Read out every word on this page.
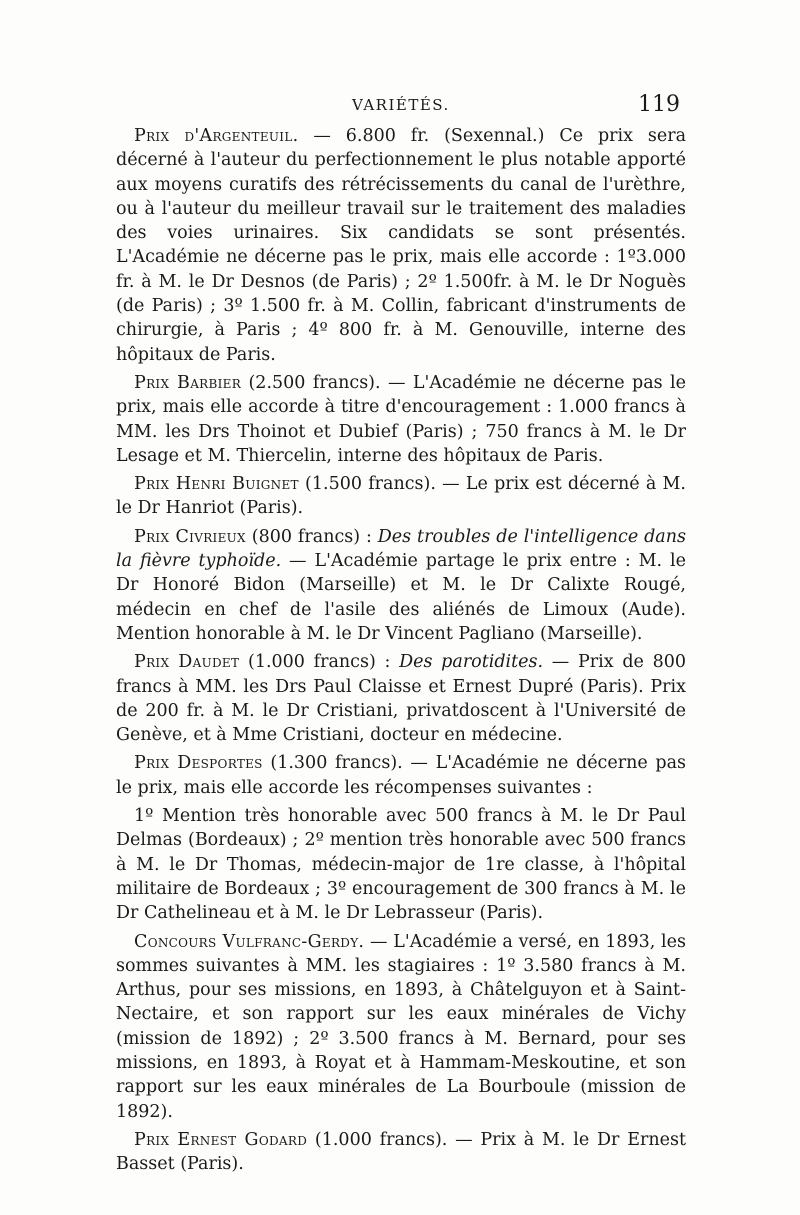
VARIÉTÉS.	119

Prix d'Argenteuil. — 6.800 fr. (Sexennal.) Ce prix sera décerné à l'auteur du perfectionnement le plus notable apporté aux moyens curatifs des rétrécissements du canal de l'urèthre, ou à l'auteur du meilleur travail sur le traitement des maladies des voies urinaires. Six candidats se sont présentés. L'Académie ne décerne pas le prix, mais elle accorde : 1º3.000 fr. à M. le Dr Desnos (de Paris) ; 2º 1.500fr. à M. le Dr Noguès (de Paris) ; 3º 1.500 fr. à M. Collin, fabricant d'instruments de chirurgie, à Paris ; 4º 800 fr. à M. Genouville, interne des hôpitaux de Paris.

Prix Barbier (2.500 francs). — L'Académie ne décerne pas le prix, mais elle accorde à titre d'encouragement : 1.000 francs à MM. les Drs Thoinot et Dubief (Paris) ; 750 francs à M. le Dr Lesage et M. Thiercelin, interne des hôpitaux de Paris.

Prix Henri Buignet (1.500 francs). — Le prix est décerné à M. le Dr Hanriot (Paris).

Prix Civrieux (800 francs) : Des troubles de l'intelligence dans la fièvre typhoïde. — L'Académie partage le prix entre : M. le Dr Honoré Bidon (Marseille) et M. le Dr Calixte Rougé, médecin en chef de l'asile des aliénés de Limoux (Aude). Mention honorable à M. le Dr Vincent Pagliano (Marseille).

Prix Daudet (1.000 francs) : Des parotidites. — Prix de 800 francs à MM. les Drs Paul Claisse et Ernest Dupré (Paris). Prix de 200 fr. à M. le Dr Cristiani, privatdoscent à l'Université de Genève, et à Mme Cristiani, docteur en médecine.

Prix Desportes (1.300 francs). — L'Académie ne décerne pas le prix, mais elle accorde les récompenses suivantes :

1º Mention très honorable avec 500 francs à M. le Dr Paul Delmas (Bordeaux) ; 2º mention très honorable avec 500 francs à M. le Dr Thomas, médecin-major de 1re classe, à l'hôpital militaire de Bordeaux ; 3º encouragement de 300 francs à M. le Dr Cathelineau et à M. le Dr Lebrasseur (Paris).

Concours Vulfranc-Gerdy. — L'Académie a versé, en 1893, les sommes suivantes à MM. les stagiaires : 1º 3.580 francs à M. Arthus, pour ses missions, en 1893, à Châtelguyon et à Saint-Nectaire, et son rapport sur les eaux minérales de Vichy (mission de 1892) ; 2º 3.500 francs à M. Bernard, pour ses missions, en 1893, à Royat et à Hammam-Meskoutine, et son rapport sur les eaux minérales de La Bourboule (mission de 1892).

Prix Ernest Godard (1.000 francs). — Prix à M. le Dr Ernest Basset (Paris).
